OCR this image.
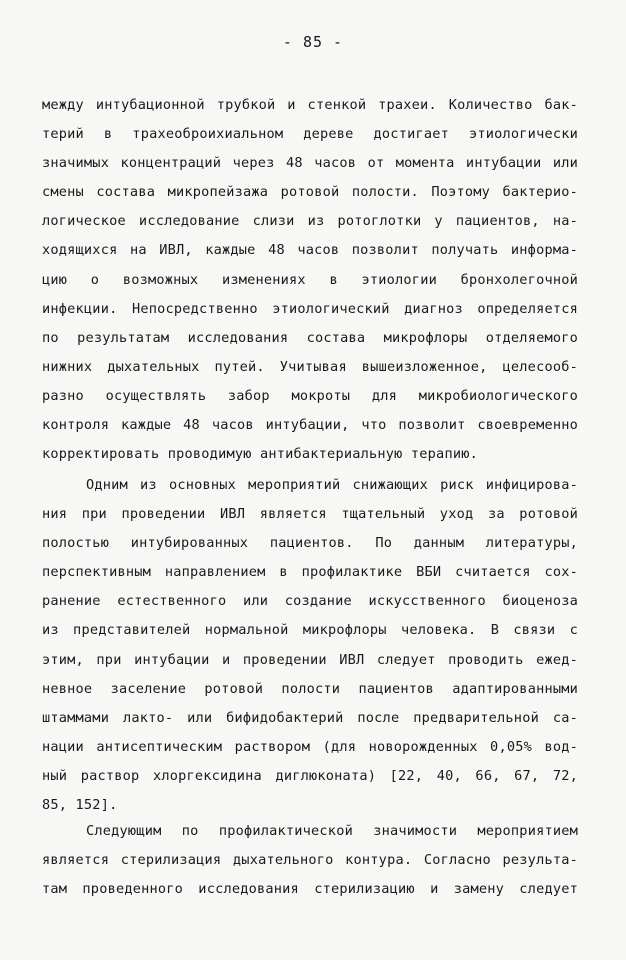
- 85 -
между интубационной трубкой и стенкой трахеи. Количество бак-
терий в трахеоброихиальном дереве достигает этиологически
значимых концентраций через 48 часов от момента интубации или
смены состава микропейзажа ротовой полости. Поэтому бактерио-
логическое исследование слизи из ротоглотки у пациентов, на-
ходящихся на ИВЛ, каждые 48 часов позволит получать информа-
цию о возможных изменениях в этиологии бронхолегочной
инфекции. Непосредственно этиологический диагноз определяется
по результатам исследования состава микрофлоры отделяемого
нижних дыхательных путей. Учитывая вышеизложенное, целесооб-
разно осуществлять забор мокроты для микробиологического
контроля каждые 48 часов интубации, что позволит своевременно
корректировать проводимую антибактериальную терапию.
Одним из основных мероприятий снижающих риск инфицирова-
ния при проведении ИВЛ является тщательный уход за ротовой
полостью интубированных пациентов. По данным литературы,
перспективным направлением в профилактике ВБИ считается сох-
ранение естественного или создание искусственного биоценоза
из представителей нормальной микрофлоры человека. В связи с
этим, при интубации и проведении ИВЛ следует проводить ежед-
невное заселение ротовой полости пациентов адаптированными
штаммами лакто- или бифидобактерий после предварительной са-
нации антисептическим раствором (для новорожденных 0,05% вод-
ный раствор хлоргексидина диглюконата) [22, 40, 66, 67, 72,
85, 152].
Следующим по профилактической значимости мероприятием
является стерилизация дыхательного контура. Согласно результа-
там проведенного исследования стерилизацию и замену следует
